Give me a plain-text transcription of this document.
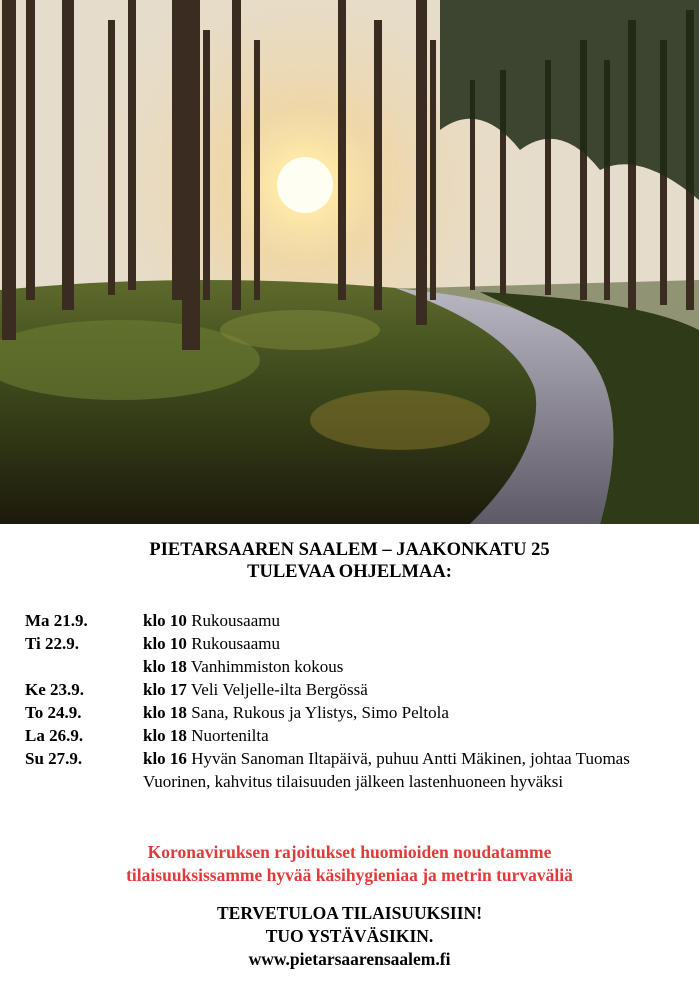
PIETARSAAREN SAALEM – JAAKONKATU 25
TULEVAA OHJELMAA:
Ma 21.9.	klo 10 Rukousaamu
Ti 22.9.	klo 10 Rukousaamu
klo 18 Vanhimmiston kokous
Ke 23.9.	klo 17 Veli Veljelle-ilta Bergössä
To 24.9.	klo 18 Sana, Rukous ja Ylistys, Simo Peltola
La 26.9.	klo 18 Nuortenilta
Su 27.9.	klo 16 Hyvän Sanoman Iltapäivä, puhuu Antti Mäkinen, johtaa Tuomas Vuorinen, kahvitus tilaisuuden jälkeen lastenhuoneen hyväksi
Koronaviruksen rajoitukset huomioiden noudatamme
tilaisuuksissamme hyvää käsihygieniaa ja metrin turvaväliä
TERVETULOA TILAISUUKSIIN!
TUO YSTÄVÄSIKIN.
www.pietarsaarensaalem.fi
